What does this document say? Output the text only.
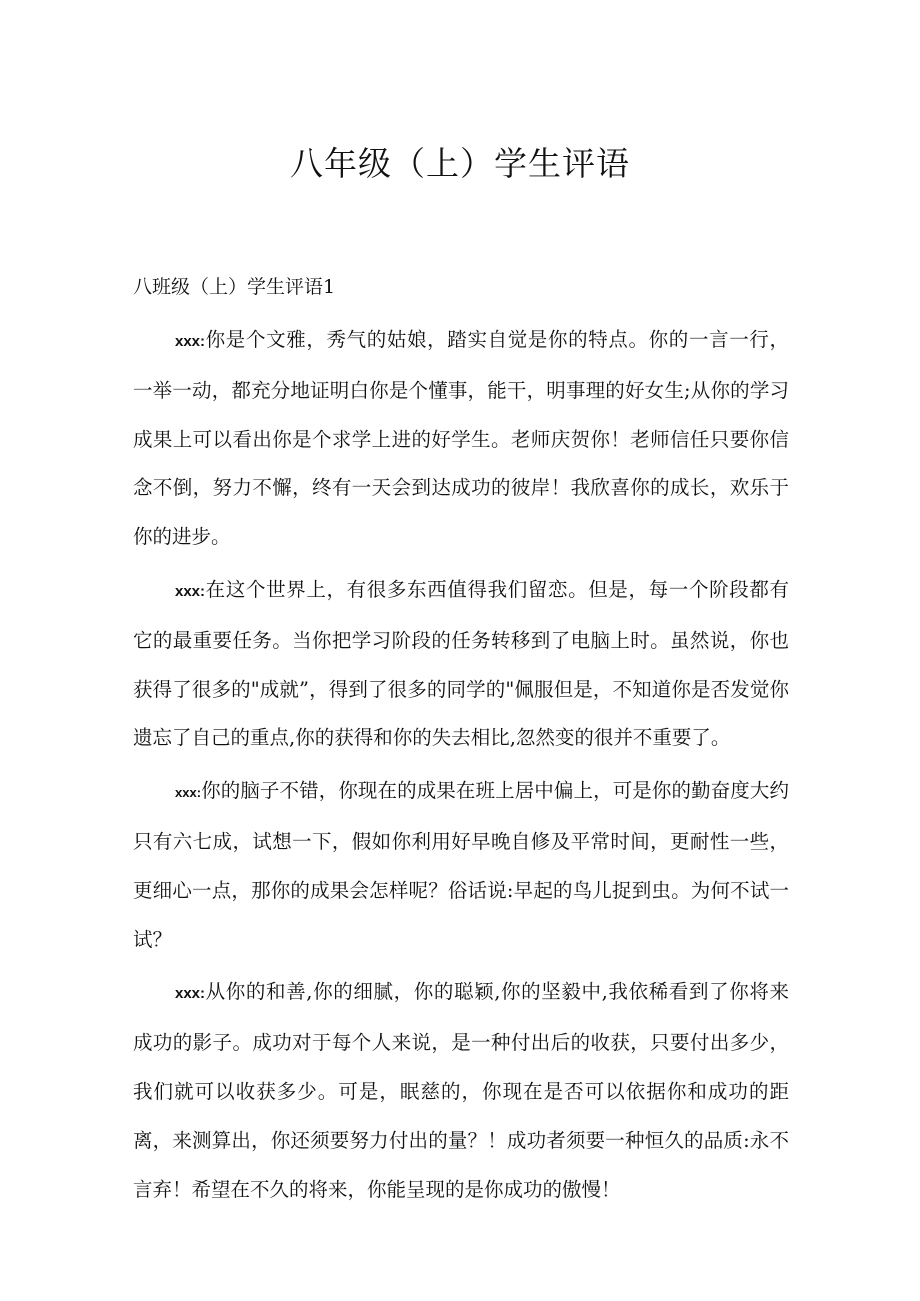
八年级（上）学生评语

八班级（上）学生评语1

xxx:你是个文雅，秀气的姑娘，踏实自觉是你的特点。你的一言一行，一举一动，都充分地证明白你是个懂事，能干，明事理的好女生;从你的学习成果上可以看出你是个求学上进的好学生。老师庆贺你！老师信任只要你信念不倒，努力不懈，终有一天会到达成功的彼岸！我欣喜你的成长，欢乐于你的进步。

xxx:在这个世界上，有很多东西值得我们留恋。但是，每一个阶段都有它的最重要任务。当你把学习阶段的任务转移到了电脑上时。虽然说，你也获得了很多的"成就”，得到了很多的同学的"佩服但是，不知道你是否发觉你遗忘了自己的重点,你的获得和你的失去相比,忽然变的很并不重要了。

xxx:你的脑子不错，你现在的成果在班上居中偏上，可是你的勤奋度大约只有六七成，试想一下，假如你利用好早晚自修及平常时间，更耐性一些，更细心一点，那你的成果会怎样呢？俗话说:早起的鸟儿捉到虫。为何不试一试？

xxx:从你的和善,你的细腻，你的聪颖,你的坚毅中,我依稀看到了你将来成功的影子。成功对于每个人来说，是一种付出后的收获，只要付出多少，我们就可以收获多少。可是，眠慈的，你现在是否可以依据你和成功的距离，来测算出，你还须要努力付出的量？！成功者须要一种恒久的品质:永不言弃！希望在不久的将来，你能呈现的是你成功的傲慢！
